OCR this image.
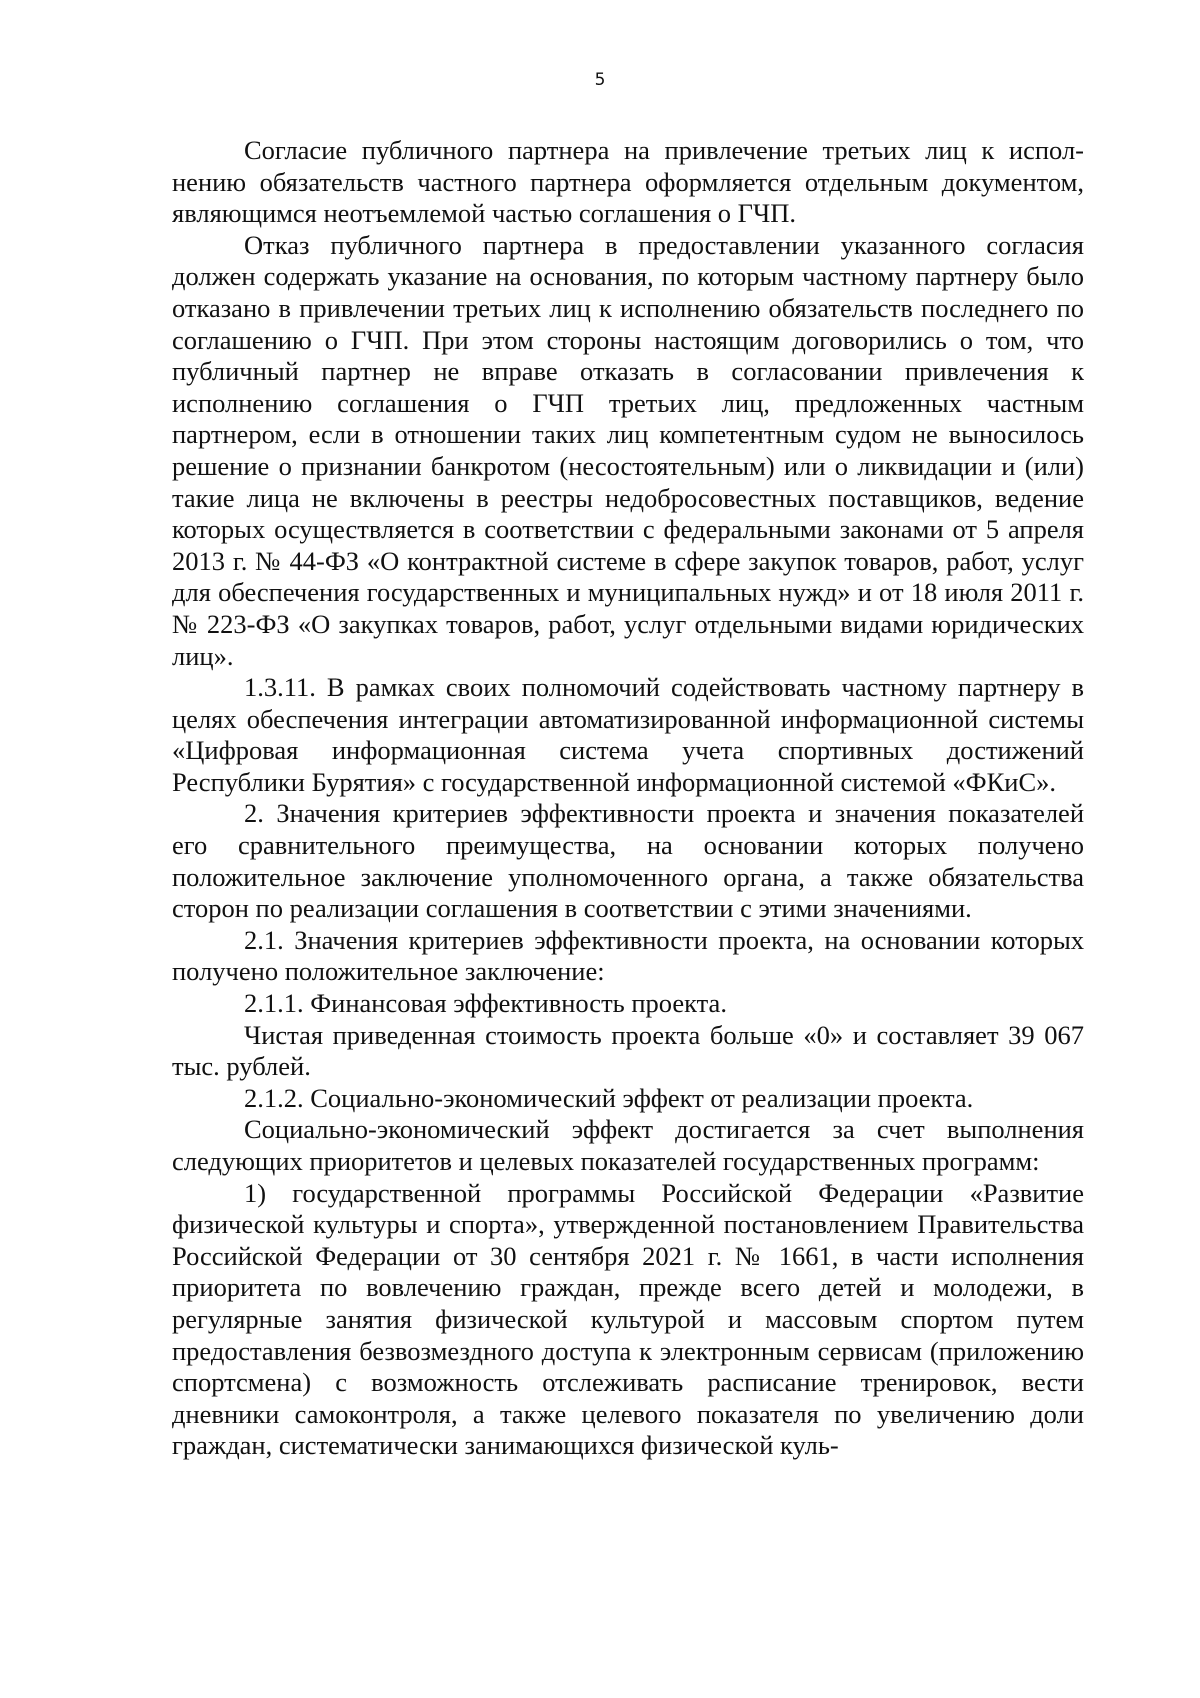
5

Согласие публичного партнера на привлечение третьих лиц к исполнению обязательств частного партнера оформляется отдельным документом, являющимся неотъемлемой частью соглашения о ГЧП.

Отказ публичного партнера в предоставлении указанного согласия должен содержать указание на основания, по которым частному партнеру было отказано в привлечении третьих лиц к исполнению обязательств последнего по соглашению о ГЧП. При этом стороны настоящим договорились о том, что публичный партнер не вправе отказать в согласовании привлечения к исполнению соглашения о ГЧП третьих лиц, предложенных частным партнером, если в отношении таких лиц компетентным судом не выносилось решение о признании банкротом (несостоятельным) или о ликвидации и (или) такие лица не включены в реестры недобросовестных поставщиков, ведение которых осуществляется в соответствии с федеральными законами от 5 апреля 2013 г. № 44-ФЗ «О контрактной системе в сфере закупок товаров, работ, услуг для обеспечения государственных и муниципальных нужд» и от 18 июля 2011 г. № 223-ФЗ «О закупках товаров, работ, услуг отдельными видами юридических лиц».

1.3.11. В рамках своих полномочий содействовать частному партнеру в целях обеспечения интеграции автоматизированной информационной системы «Цифровая информационная система учета спортивных достижений Республики Бурятия» с государственной информационной системой «ФКиС».

2. Значения критериев эффективности проекта и значения показателей его сравнительного преимущества, на основании которых получено положительное заключение уполномоченного органа, а также обязательства сторон по реализации соглашения в соответствии с этими значениями.

2.1. Значения критериев эффективности проекта, на основании которых получено положительное заключение:

2.1.1. Финансовая эффективность проекта.

Чистая приведенная стоимость проекта больше «0» и составляет 39 067 тыс. рублей.

2.1.2. Социально-экономический эффект от реализации проекта.

Социально-экономический эффект достигается за счет выполнения следующих приоритетов и целевых показателей государственных программ:

1) государственной программы Российской Федерации «Развитие физической культуры и спорта», утвержденной постановлением Правительства Российской Федерации от 30 сентября 2021 г. № 1661, в части исполнения приоритета по вовлечению граждан, прежде всего детей и молодежи, в регулярные занятия физической культурой и массовым спортом путем предоставления безвозмездного доступа к электронным сервисам (приложению спортсмена) с возможность отслеживать расписание тренировок, вести дневники самоконтроля, а также целевого показателя по увеличению доли граждан, систематически занимающихся физической куль-
